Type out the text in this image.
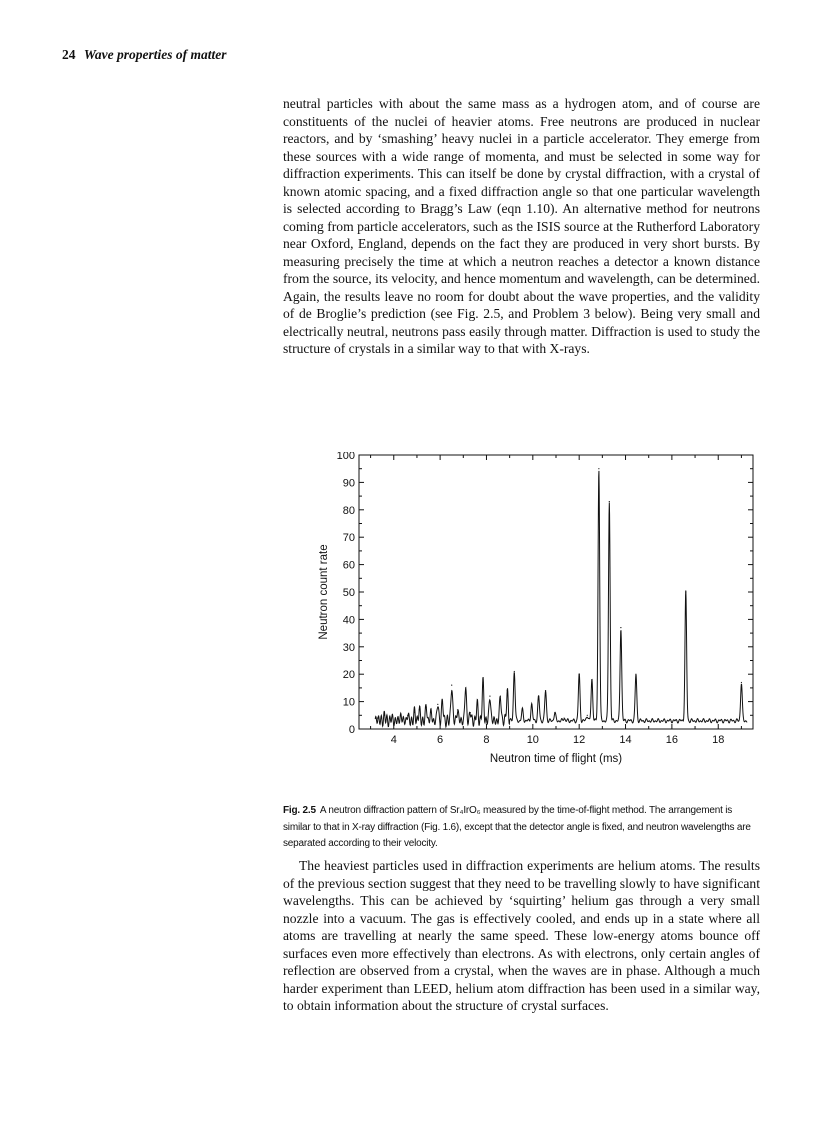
24 Wave properties of matter

neutral particles with about the same mass as a hydrogen atom, and of course are constituents of the nuclei of heavier atoms. Free neutrons are produced in nuclear reactors, and by ‘smashing’ heavy nuclei in a particle accelerator. They emerge from these sources with a wide range of momenta, and must be selected in some way for diffraction experiments. This can itself be done by crystal diffraction, with a crystal of known atomic spacing, and a fixed diffraction angle so that one particular wavelength is selected according to Bragg’s Law (eqn 1.10). An alternative method for neutrons coming from particle accelerators, such as the ISIS source at the Rutherford Laboratory near Oxford, England, depends on the fact they are produced in very short bursts. By measuring precisely the time at which a neutron reaches a detector a known distance from the source, its velocity, and hence momentum and wavelength, can be determined. Again, the results leave no room for doubt about the wave properties, and the validity of de Broglie’s prediction (see Fig. 2.5, and Problem 3 below). Being very small and electrically neutral, neutrons pass easily through matter. Diffraction is used to study the structure of crystals in a similar way to that with X-rays.

0
10
20
30
40
50
60
70
80
90
100
4	6	8	10	12	14	16	18
Neutron time of flight (ms)
Neutron count rate

Fig. 2.5 A neutron diffraction pattern of Sr₄IrO₆ measured by the time-of-flight method. The arrangement is similar to that in X-ray diffraction (Fig. 1.6), except that the detector angle is fixed, and neutron wavelengths are separated according to their velocity.

The heaviest particles used in diffraction experiments are helium atoms. The results of the previous section suggest that they need to be travelling slowly to have significant wavelengths. This can be achieved by ‘squirting’ helium gas through a very small nozzle into a vacuum. The gas is effectively cooled, and ends up in a state where all atoms are travelling at nearly the same speed. These low-energy atoms bounce off surfaces even more effectively than electrons. As with electrons, only certain angles of reflection are observed from a crystal, when the waves are in phase. Although a much harder experiment than LEED, helium atom diffraction has been used in a similar way, to obtain information about the structure of crystal surfaces.
